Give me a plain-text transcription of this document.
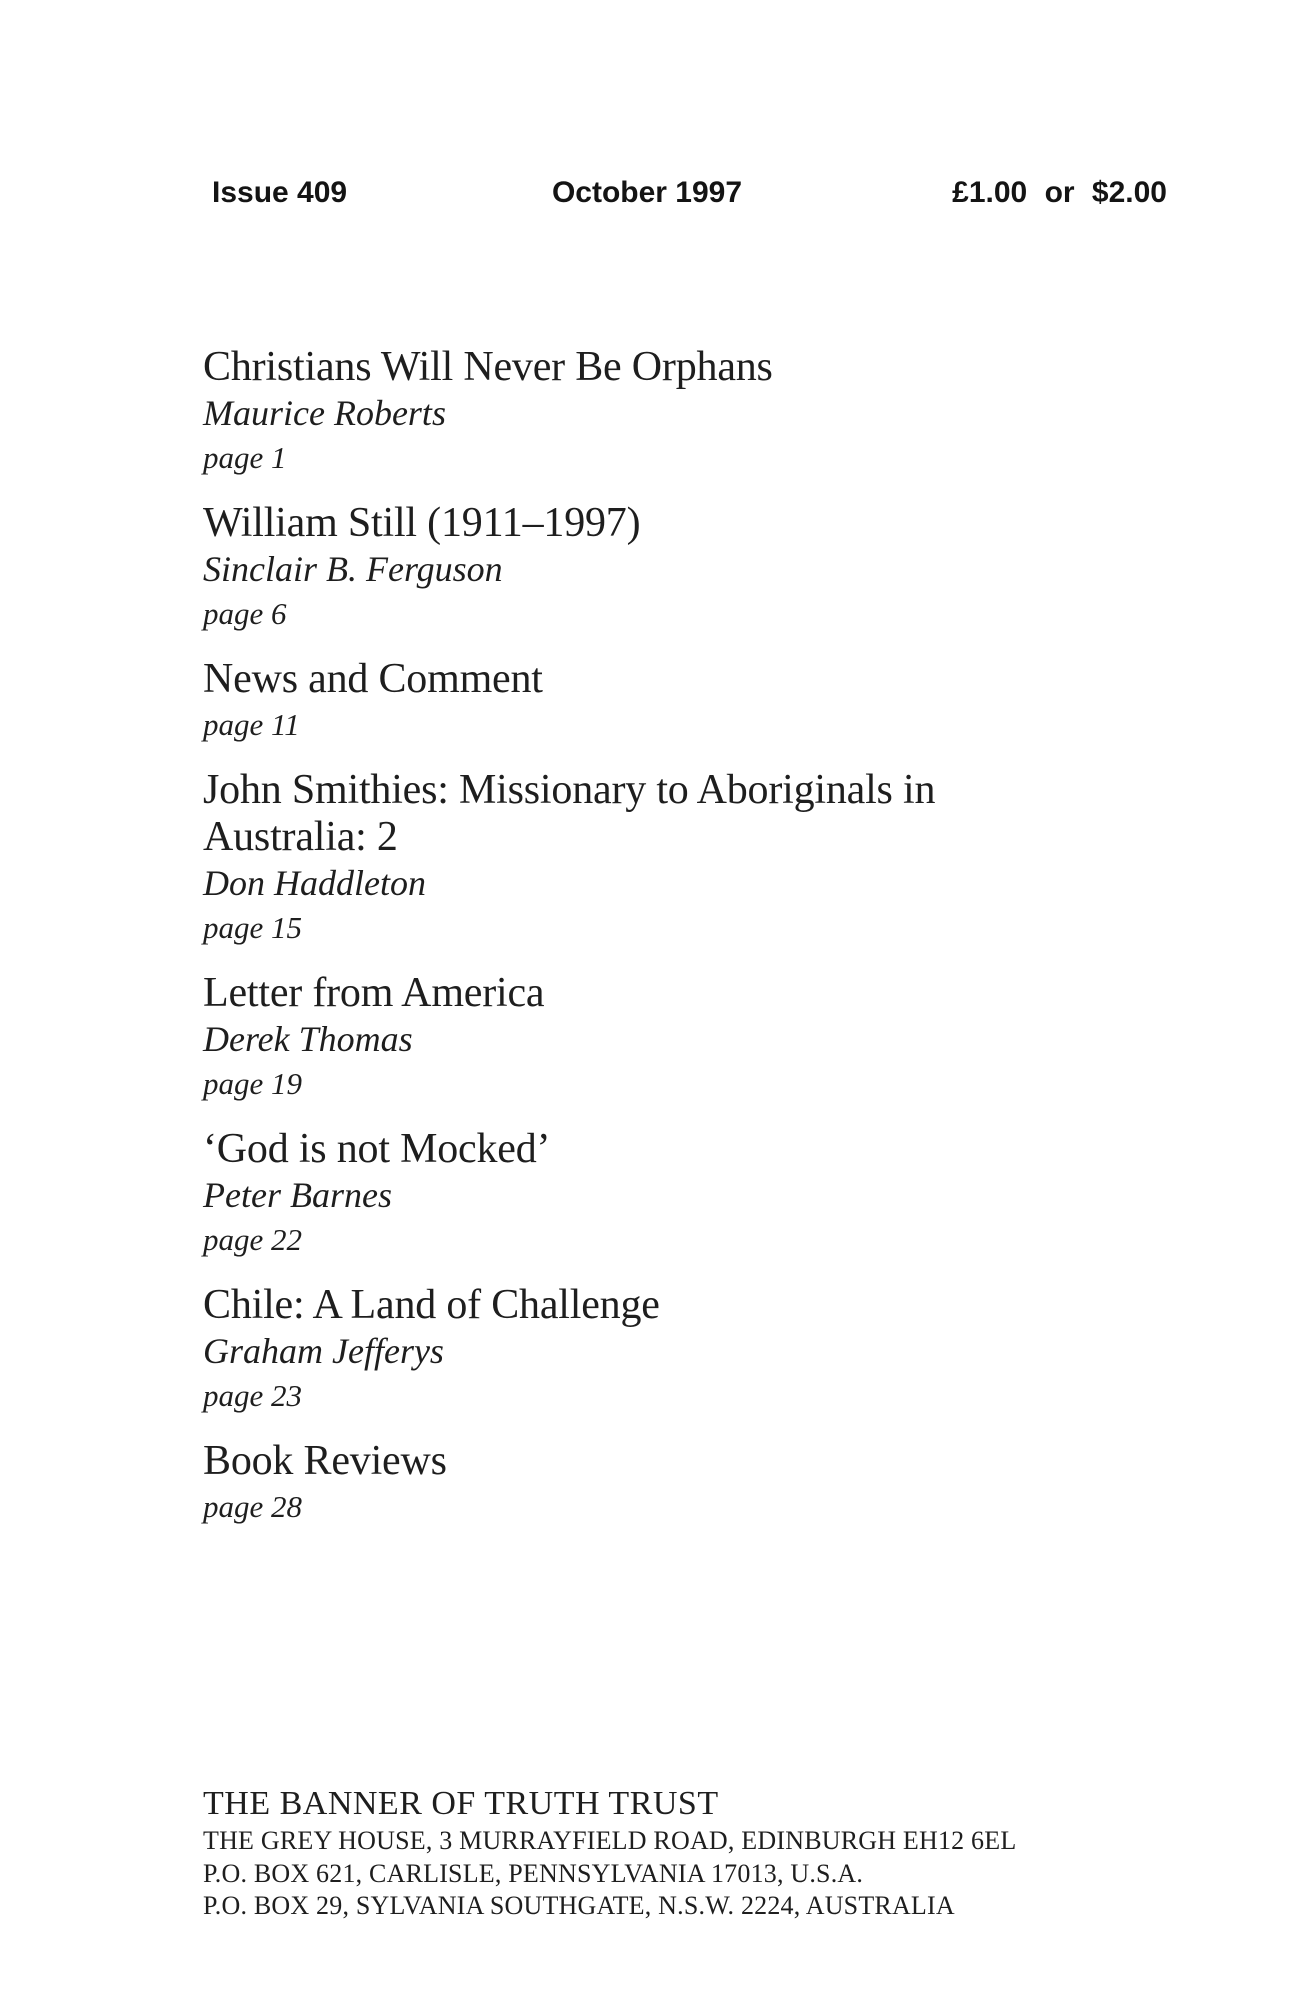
Issue 409	October 1997	£1.00 or $2.00
Christians Will Never Be Orphans
Maurice Roberts
page 1
William Still (1911–1997)
Sinclair B. Ferguson
page 6
News and Comment
page 11
John Smithies: Missionary to Aboriginals in Australia: 2
Don Haddleton
page 15
Letter from America
Derek Thomas
page 19
‘God is not Mocked’
Peter Barnes
page 22
Chile: A Land of Challenge
Graham Jefferys
page 23
Book Reviews
page 28
THE BANNER OF TRUTH TRUST
THE GREY HOUSE, 3 MURRAYFIELD ROAD, EDINBURGH EH12 6EL
P.O. BOX 621, CARLISLE, PENNSYLVANIA 17013, U.S.A.
P.O. BOX 29, SYLVANIA SOUTHGATE, N.S.W. 2224, AUSTRALIA
